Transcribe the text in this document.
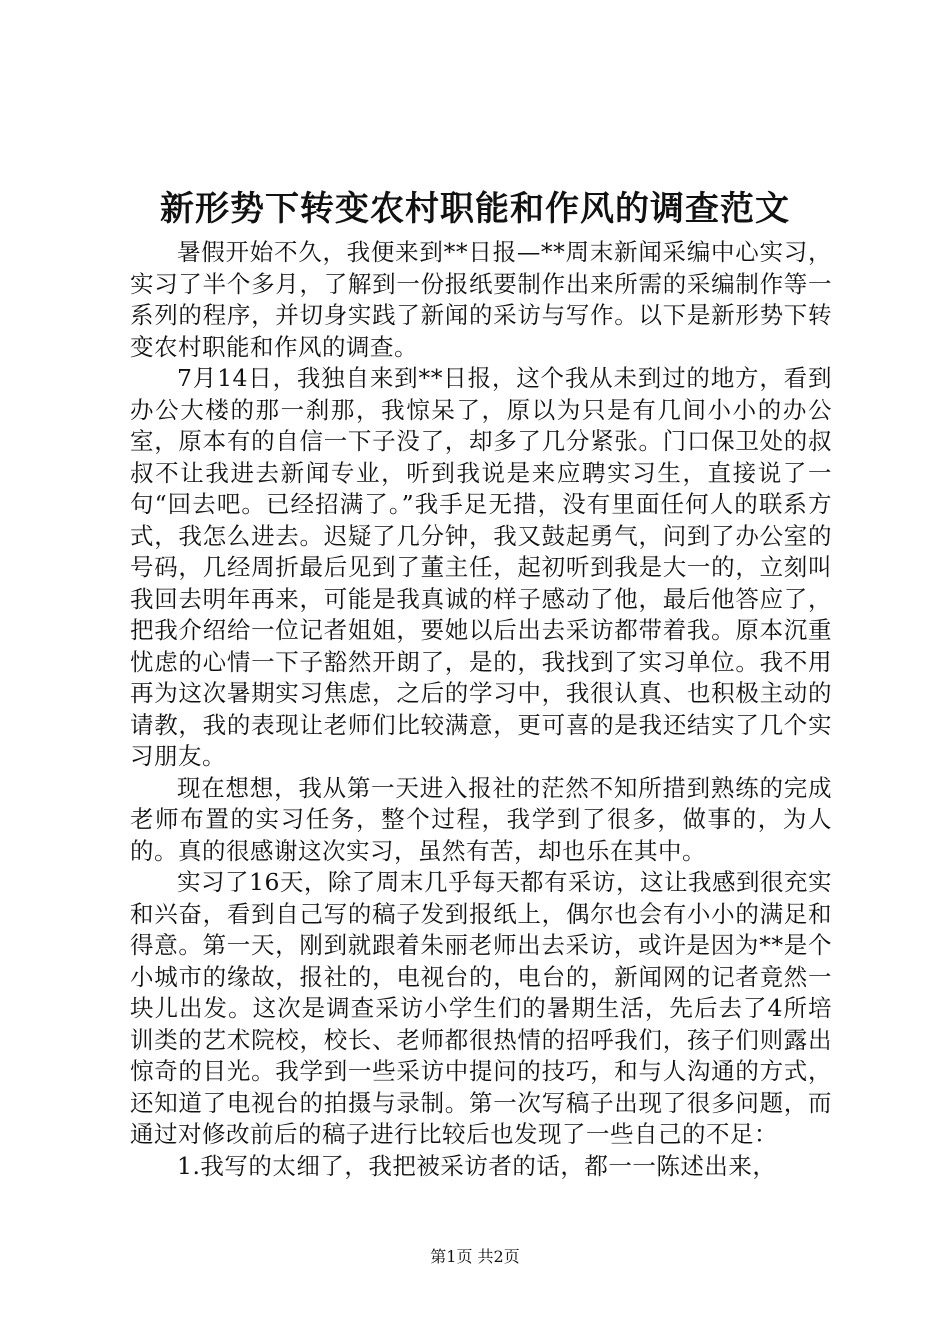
新形势下转变农村职能和作风的调查范文

暑假开始不久，我便来到**日报—**周末新闻采编中心实习，实习了半个多月，了解到一份报纸要制作出来所需的采编制作等一系列的程序，并切身实践了新闻的采访与写作。以下是新形势下转变农村职能和作风的调查。

7月14日，我独自来到**日报，这个我从未到过的地方，看到办公大楼的那一刹那，我惊呆了，原以为只是有几间小小的办公室，原本有的自信一下子没了，却多了几分紧张。门口保卫处的叔叔不让我进去新闻专业，听到我说是来应聘实习生，直接说了一句“回去吧。已经招满了。”我手足无措，没有里面任何人的联系方式，我怎么进去。迟疑了几分钟，我又鼓起勇气，问到了办公室的号码，几经周折最后见到了董主任，起初听到我是大一的，立刻叫我回去明年再来，可能是我真诚的样子感动了他，最后他答应了，把我介绍给一位记者姐姐，要她以后出去采访都带着我。原本沉重忧虑的心情一下子豁然开朗了，是的，我找到了实习单位。我不用再为这次暑期实习焦虑，之后的学习中，我很认真、也积极主动的请教，我的表现让老师们比较满意，更可喜的是我还结实了几个实习朋友。

现在想想，我从第一天进入报社的茫然不知所措到熟练的完成老师布置的实习任务，整个过程，我学到了很多，做事的，为人的。真的很感谢这次实习，虽然有苦，却也乐在其中。

实习了16天，除了周末几乎每天都有采访，这让我感到很充实和兴奋，看到自己写的稿子发到报纸上，偶尔也会有小小的满足和得意。第一天，刚到就跟着朱丽老师出去采访，或许是因为**是个小城市的缘故，报社的，电视台的，电台的，新闻网的记者竟然一块儿出发。这次是调查采访小学生们的暑期生活，先后去了4所培训类的艺术院校，校长、老师都很热情的招呼我们，孩子们则露出惊奇的目光。我学到一些采访中提问的技巧，和与人沟通的方式，还知道了电视台的拍摄与录制。第一次写稿子出现了很多问题，而通过对修改前后的稿子进行比较后也发现了一些自己的不足：

1.我写的太细了，我把被采访者的话，都一一陈述出来，

第1页 共2页
